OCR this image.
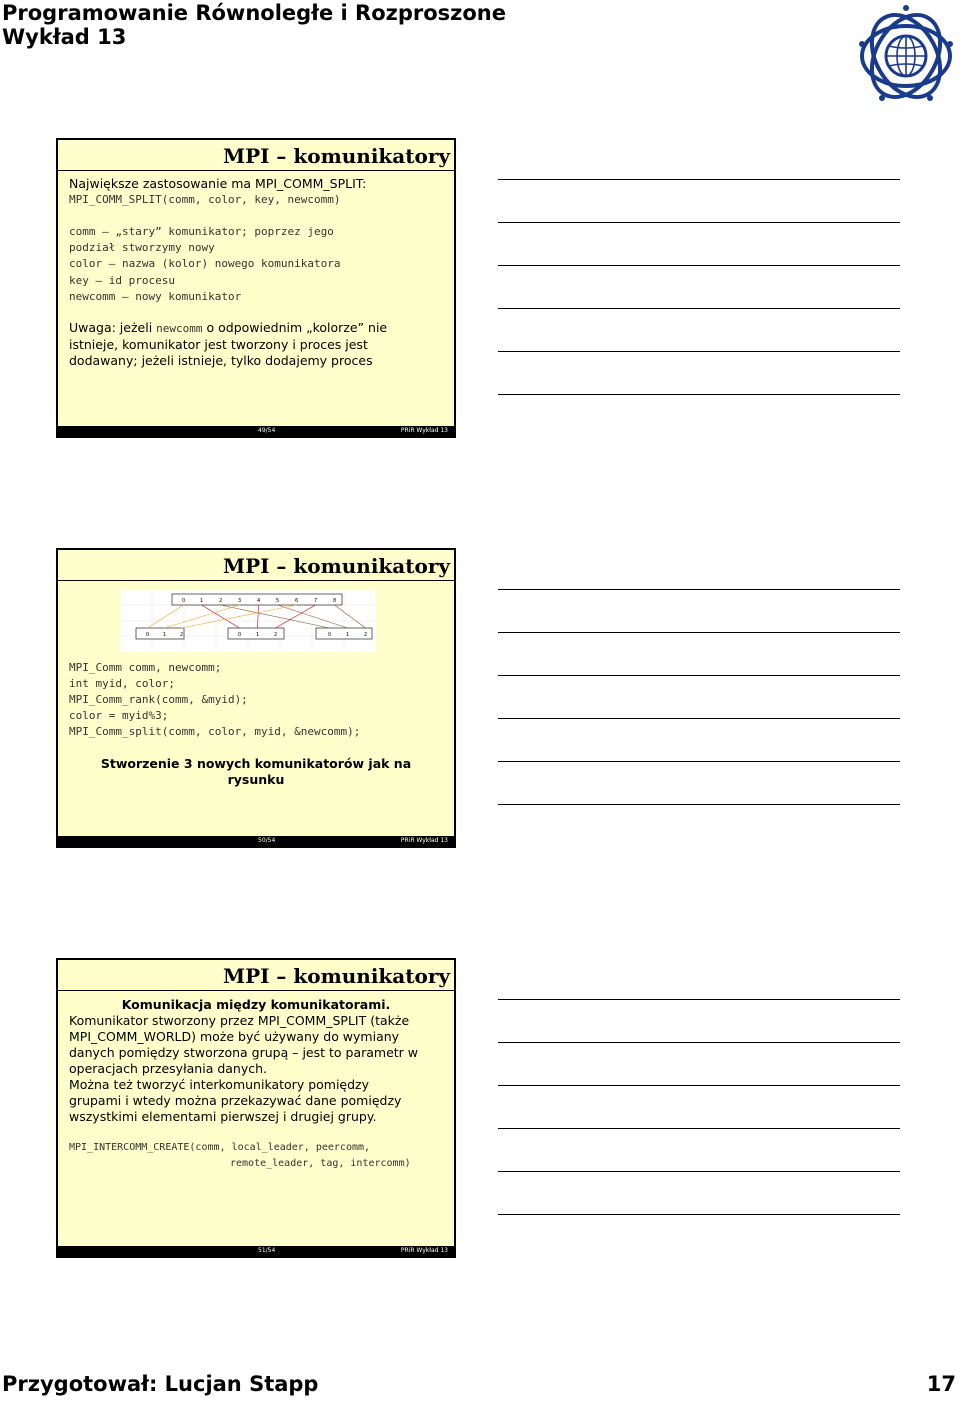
Programowanie Równoległe i Rozproszone
Wykład 13
MPI – komunikatory
Największe zastosowanie ma MPI_COMM_SPLIT:
MPI_COMM_SPLIT(comm, color, key, newcomm)
comm – „stary” komunikator; poprzez jego
podział stworzymy nowy
color – nazwa (kolor) nowego komunikatora
key – id procesu
newcomm – nowy komunikator
Uwaga: jeżeli newcomm o odpowiednim „kolorze” nie
istnieje, komunikator jest tworzony i proces jest
dodawany; jeżeli istnieje, tylko dodajemy proces
49/54	PRiR Wykład 13
MPI – komunikatory
0	1	2	3	4	5	6	7	8
0	1	2	0	1	2	0	1	2
MPI_Comm comm, newcomm;
int myid, color;
MPI_Comm_rank(comm, &myid);
color = myid%3;
MPI_Comm_split(comm, color, myid, &newcomm);
Stworzenie 3 nowych komunikatorów jak na
rysunku
50/54	PRiR Wykład 13
MPI – komunikatory
Komunikacja między komunikatorami.
Komunikator stworzony przez MPI_COMM_SPLIT (także
MPI_COMM_WORLD) może być używany do wymiany
danych pomiędzy stworzona grupą – jest to parametr w
operacjach przesyłania danych.
Można też tworzyć interkomunikatory pomiędzy
grupami i wtedy można przekazywać dane pomiędzy
wszystkimi elementami pierwszej i drugiej grupy.
MPI_INTERCOMM_CREATE(comm, local_leader, peercomm,
remote_leader, tag, intercomm)
51/54	PRiR Wykład 13
Przygotował: Lucjan Stapp	17
